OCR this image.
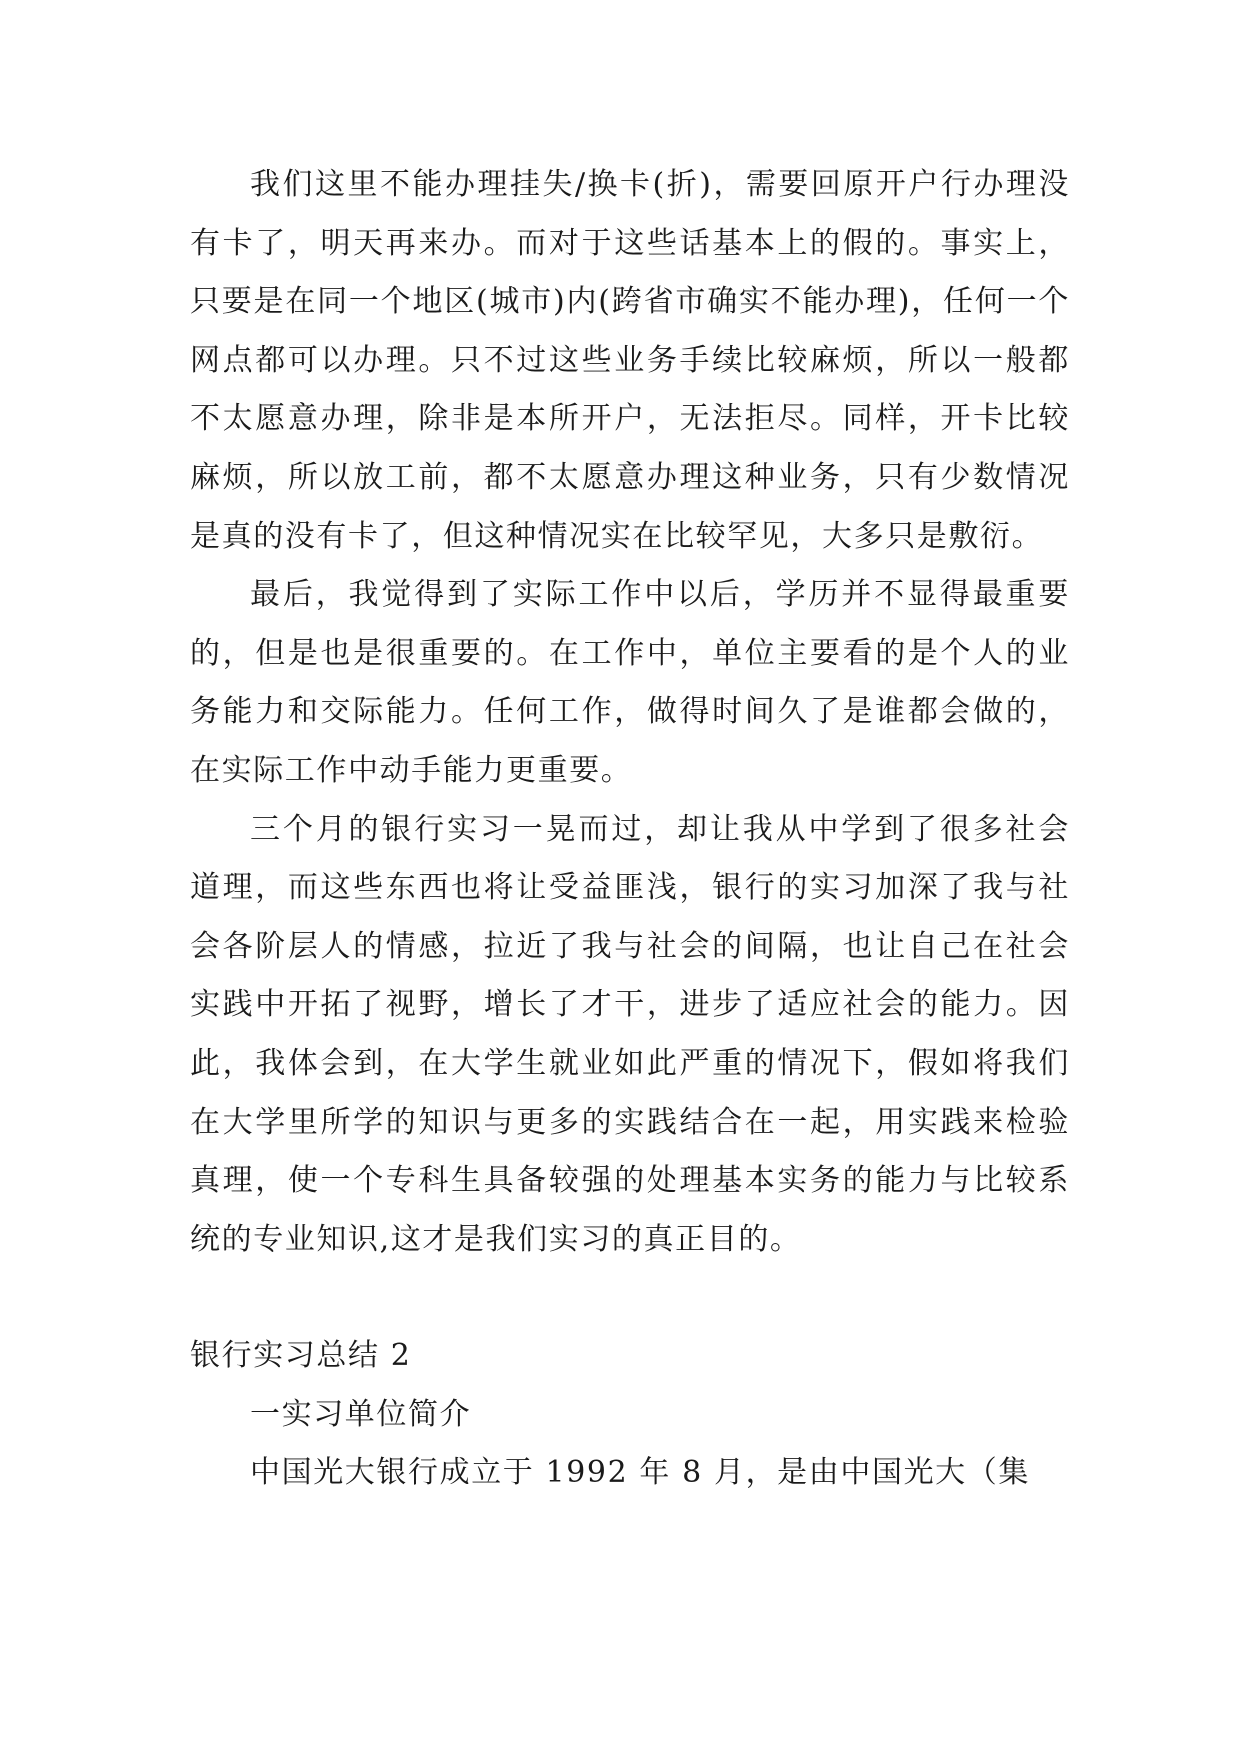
我们这里不能办理挂失/换卡(折)，需要回原开户行办理没有卡了，明天再来办。而对于这些话基本上的假的。事实上，只要是在同一个地区(城市)内(跨省市确实不能办理)，任何一个网点都可以办理。只不过这些业务手续比较麻烦，所以一般都不太愿意办理，除非是本所开户，无法拒尽。同样，开卡比较麻烦，所以放工前，都不太愿意办理这种业务，只有少数情况是真的没有卡了，但这种情况实在比较罕见，大多只是敷衍。

最后，我觉得到了实际工作中以后，学历并不显得最重要的，但是也是很重要的。在工作中，单位主要看的是个人的业务能力和交际能力。任何工作，做得时间久了是谁都会做的，在实际工作中动手能力更重要。

三个月的银行实习一晃而过，却让我从中学到了很多社会道理，而这些东西也将让受益匪浅，银行的实习加深了我与社会各阶层人的情感，拉近了我与社会的间隔，也让自己在社会实践中开拓了视野，增长了才干，进步了适应社会的能力。因此，我体会到，在大学生就业如此严重的情况下，假如将我们在大学里所学的知识与更多的实践结合在一起，用实践来检验真理，使一个专科生具备较强的处理基本实务的能力与比较系统的专业知识,这才是我们实习的真正目的。

银行实习总结 2

一实习单位简介

中国光大银行成立于 1992 年 8 月，是由中国光大（集
